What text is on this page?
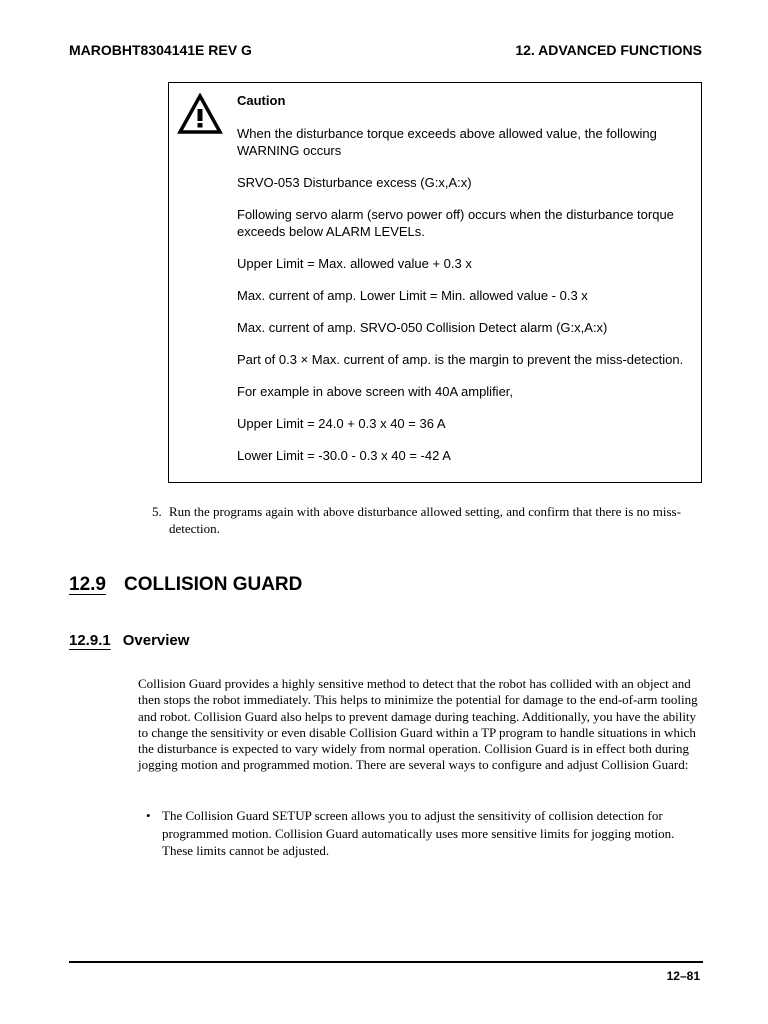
MAROBHT8304141E REV G	12. ADVANCED FUNCTIONS

Caution

When the disturbance torque exceeds above allowed value, the following WARNING occurs

SRVO-053 Disturbance excess (G:x,A:x)

Following servo alarm (servo power off) occurs when the disturbance torque exceeds below ALARM LEVELs.

Upper Limit = Max. allowed value + 0.3 x

Max. current of amp. Lower Limit = Min. allowed value - 0.3 x

Max. current of amp. SRVO-050 Collision Detect alarm (G:x,A:x)

Part of 0.3 × Max. current of amp. is the margin to prevent the miss-detection.

For example in above screen with 40A amplifier,

Upper Limit = 24.0 + 0.3 x 40 = 36 A

Lower Limit = -30.0 - 0.3 x 40 = -42 A

5. Run the programs again with above disturbance allowed setting, and confirm that there is no miss-detection.
12.9 COLLISION GUARD
12.9.1 Overview

Collision Guard provides a highly sensitive method to detect that the robot has collided with an object and then stops the robot immediately. This helps to minimize the potential for damage to the end-of-arm tooling and robot. Collision Guard also helps to prevent damage during teaching. Additionally, you have the ability to change the sensitivity or even disable Collision Guard within a TP program to handle situations in which the disturbance is expected to vary widely from normal operation. Collision Guard is in effect both during jogging motion and programmed motion. There are several ways to configure and adjust Collision Guard:

• The Collision Guard SETUP screen allows you to adjust the sensitivity of collision detection for programmed motion. Collision Guard automatically uses more sensitive limits for jogging motion. These limits cannot be adjusted.
12–81
